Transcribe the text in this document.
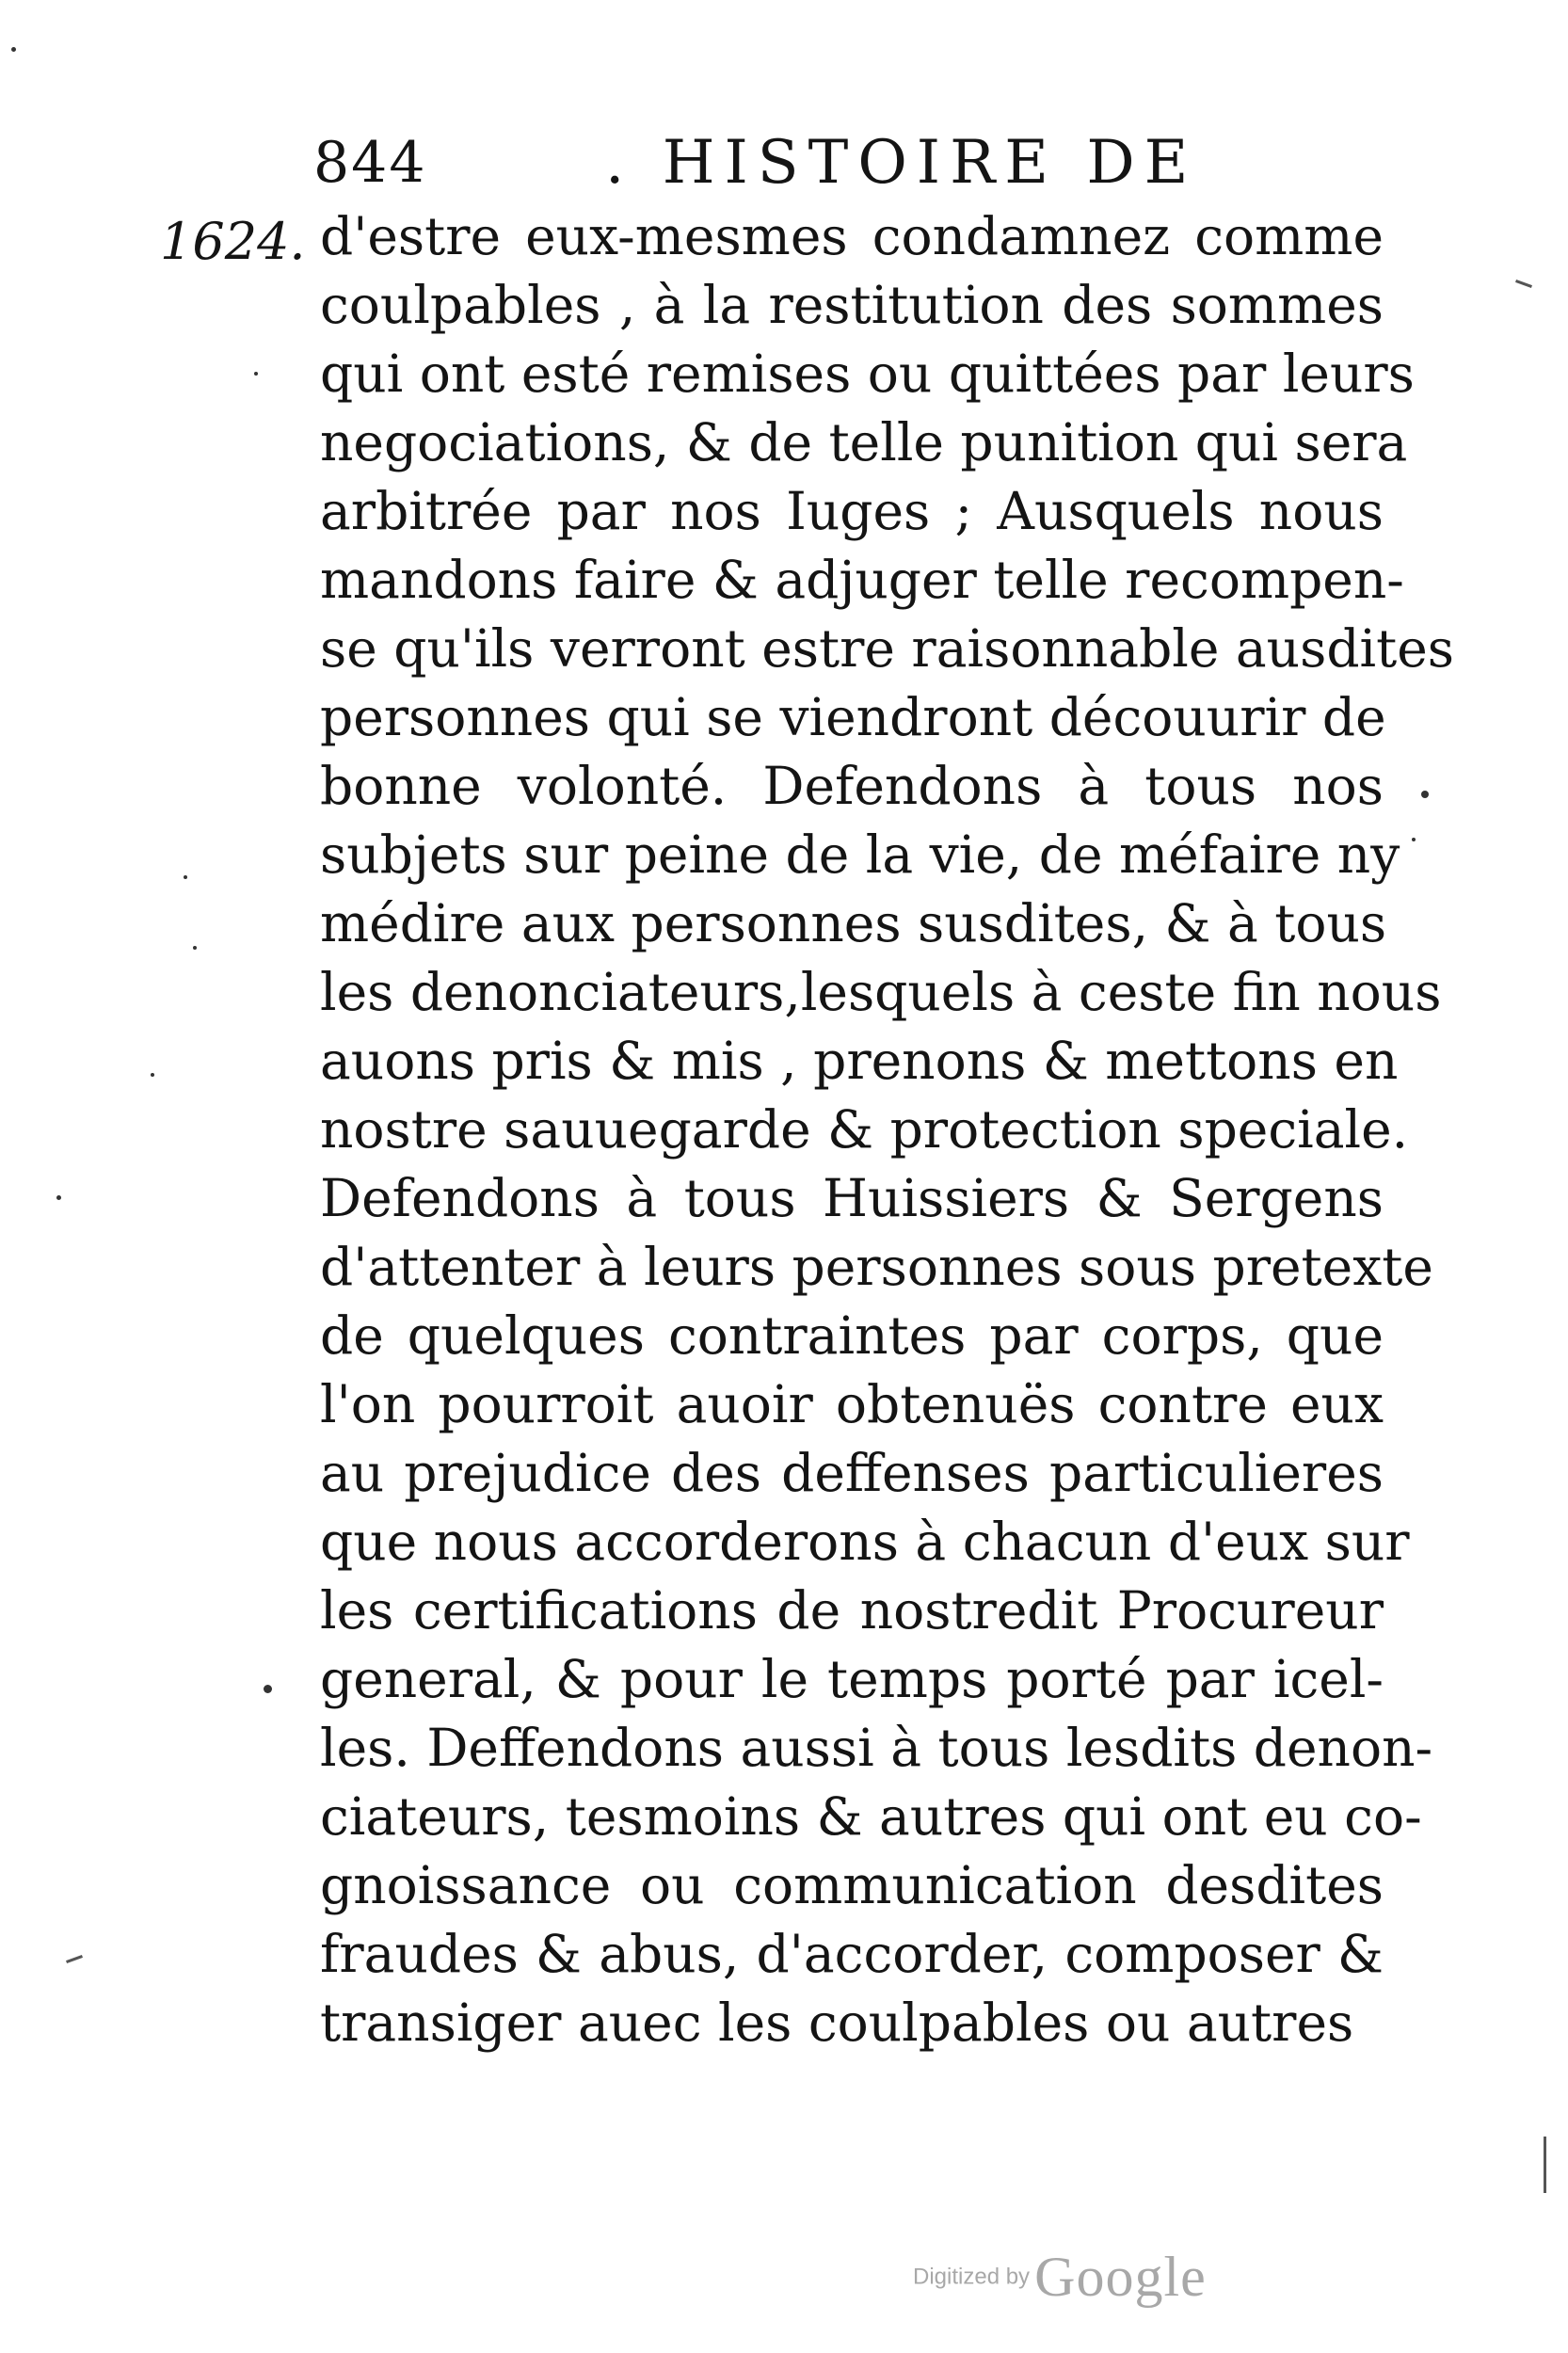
844	. HISTOIRE DE
1624. d'estre eux-mesmes condamnez comme
coulpables , à la restitution des sommes
qui ont esté remises ou quittées par leurs
negociations, & de telle punition qui sera
arbitrée par nos Iuges ; Ausquels nous
mandons faire & adjuger telle recompen-
se qu'ils verront estre raisonnable ausdites
personnes qui se viendront découurir de
bonne volonté. Defendons à tous nos
subjets sur peine de la vie, de méfaire ny
médire aux personnes susdites, & à tous
les denonciateurs,lesquels à ceste fin nous
auons pris & mis , prenons & mettons en
nostre sauuegarde & protection speciale.
Defendons à tous Huissiers & Sergens
d'attenter à leurs personnes sous pretexte
de quelques contraintes par corps, que
l'on pourroit auoir obtenuës contre eux
au prejudice des deffenses particulieres
que nous accorderons à chacun d'eux sur
les certifications de nostredit Procureur
general, & pour le temps porté par icel-
les. Deffendons aussi à tous lesdits denon-
ciateurs, tesmoins & autres qui ont eu co-
gnoissance ou communication desdites
fraudes & abus, d'accorder, composer &
transiger auec les coulpables ou autres
Digitized by Google
